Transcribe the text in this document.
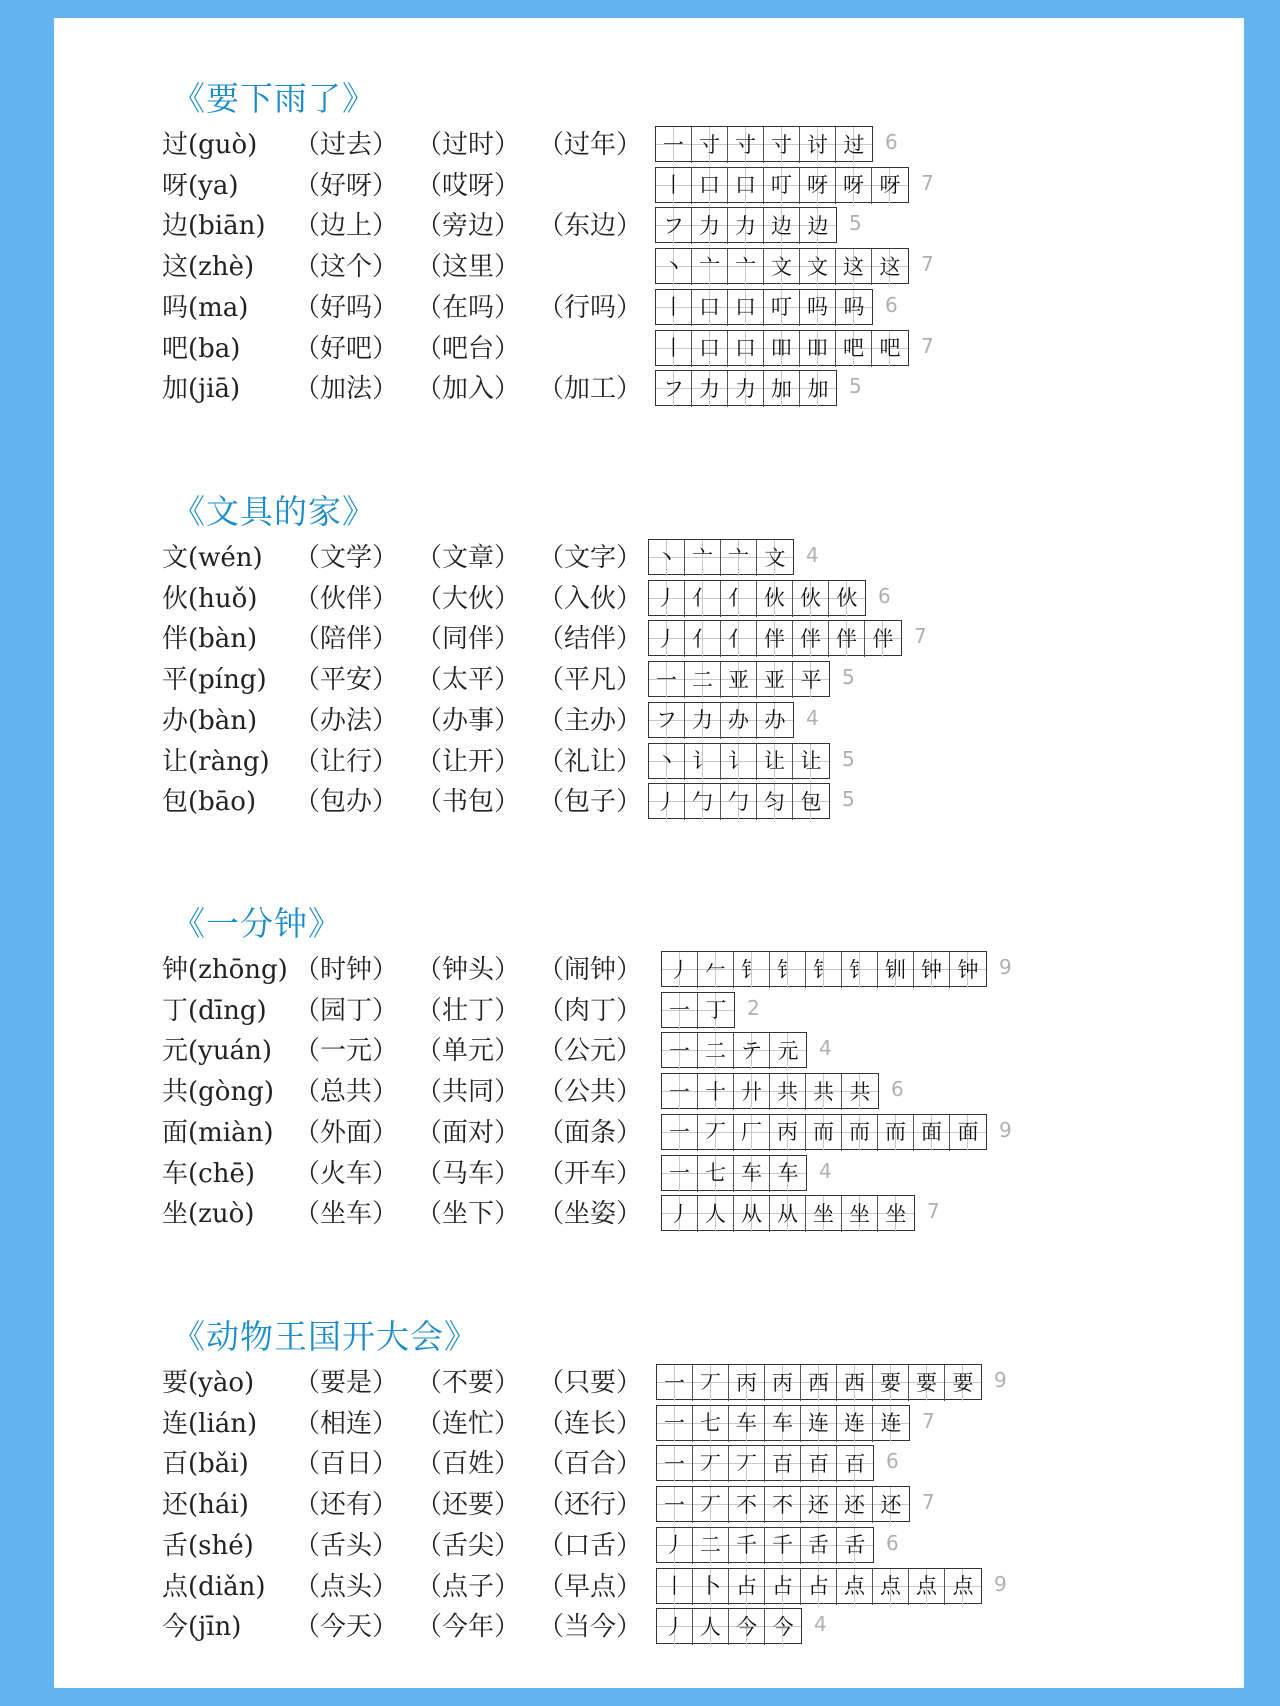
《要下雨了》
过(guò) （过去） （过时） （过年） 一 寸 寸 寸 讨 过	6
呀(ya) （好呀） （哎呀）	丨 口 口 叮 呀 呀 呀	7
边(biān) （边上） （旁边） （东边） フ 力 力 边 边	5
这(zhè) （这个） （这里）	丶 亠 亠 文 文 这 这	7
吗(ma) （好吗） （在吗） （行吗） 丨 口 口 叮 吗 吗	6
吧(ba) （好吧） （吧台）	丨 口 口 吅 吅 吧 吧	7
加(jiā) （加法） （加入） （加工） フ 力 力 加 加	5
《文具的家》
文(wén) （文学） （文章） （文字） 丶 亠 亠 文	4
伙(huǒ) （伙伴） （大伙） （入伙） 丿 亻 亻 伙 伙 伙	6
伴(bàn) （陪伴） （同伴） （结伴） 丿 亻 亻 伴 伴 伴 伴	7
平(píng) （平安） （太平） （平凡） 一 二 亚 亚 平	5
办(bàn) （办法） （办事） （主办） フ 力 办 办	4
让(ràng) （让行） （让开） （礼让） 丶 讠 讠 让 让	5
包(bāo) （包办） （书包） （包子） 丿 勹 勹 匀 包	5
《一分钟》
钟(zhōng) （时钟） （钟头） （闹钟）	丿 𠂉 钅 钅 钅 钅 钏 钟 钟	9
丁(dīng) （园丁） （壮丁） （肉丁）	一 丁	2
元(yuán) （一元） （单元） （公元）	一 二 テ 元	4
共(gòng) （总共） （共同） （公共）	一 十 廾 共 共 共	6
面(miàn) （外面） （面对） （面条）	一 丆 厂 丙 而 而 而 面 面	9
车(chē) （火车） （马车） （开车）	一 七 车 车	4
坐(zuò) （坐车） （坐下） （坐姿）	丿 人 从 从 坐 坐 坐	7
《动物王国开大会》
要(yào) （要是） （不要） （只要）	一 丆 丙 丙 西 西 要 要 要	9
连(lián) （相连） （连忙） （连长）	一 七 车 车 连 连 连	7
百(bǎi) （百日） （百姓） （百合）	一 丆 丆 百 百 百	6
还(hái) （还有） （还要） （还行）	一 丆 不 不 还 还 还	7
舌(shé) （舌头） （舌尖） （口舌）	丿 二 千 千 舌 舌	6
点(diǎn) （点头） （点子） （早点）	丨 卜 占 占 占 点 点 点 点	9
今(jīn) （今天） （今年） （当今）	丿 人 今 今	4
